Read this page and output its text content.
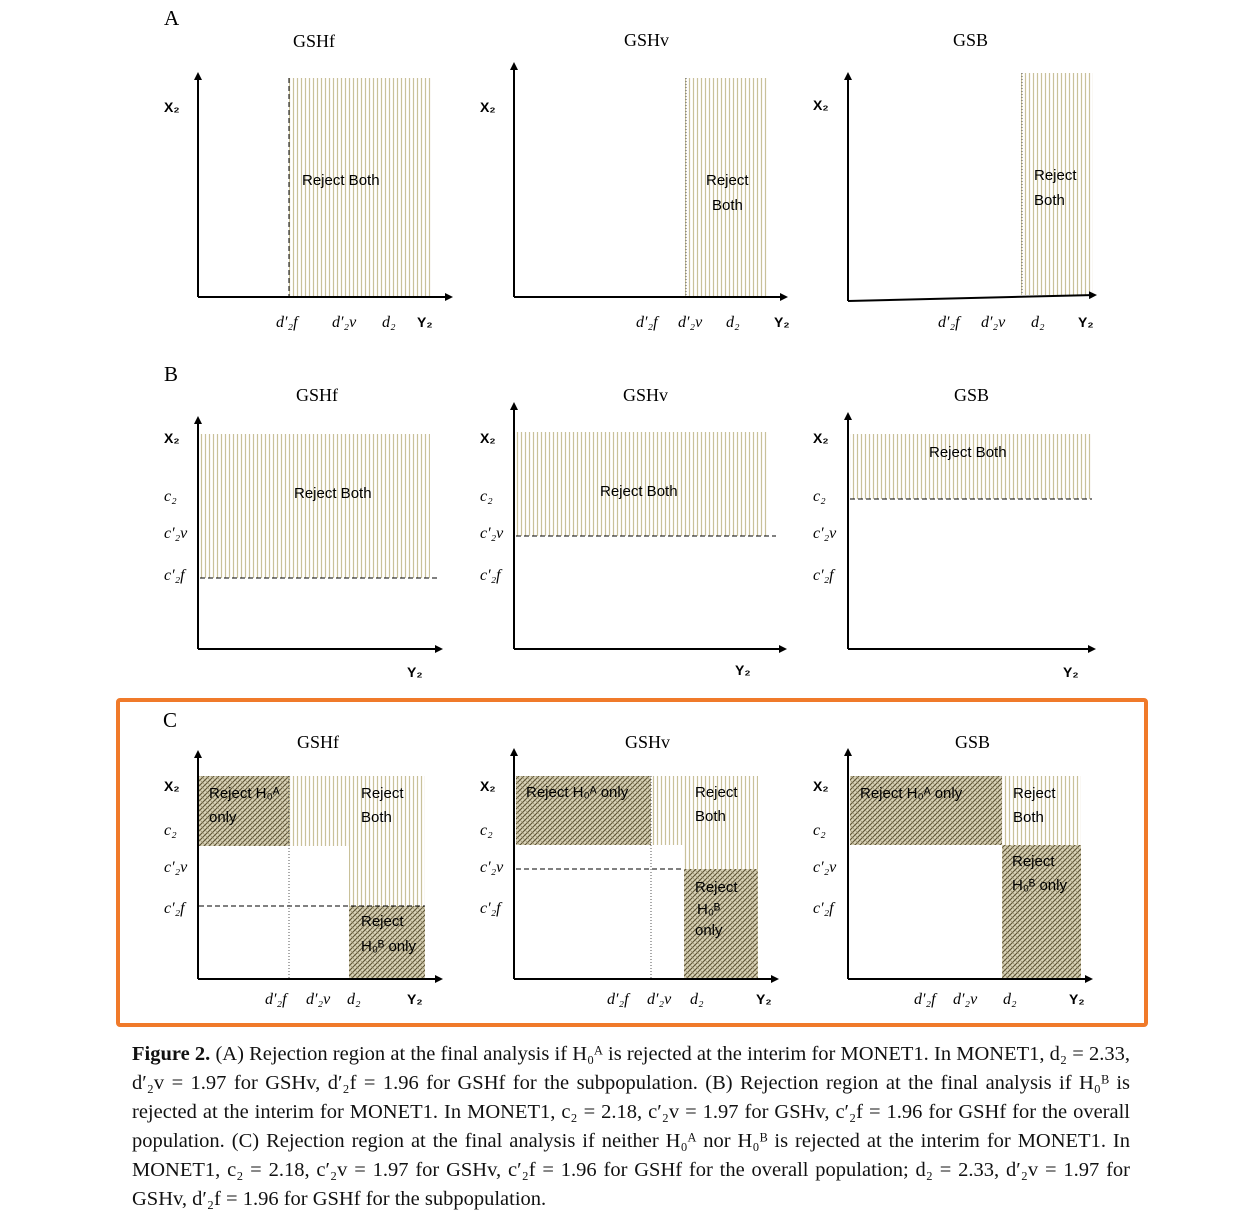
A
GSHf
X₂
Reject Both
d′₂f d′₂v d₂ Y₂
GSHv
X₂
Reject
Both
d′₂f d′₂v d₂ Y₂
GSB
X₂
Reject
Both
d′₂f d′₂v d₂ Y₂
B
GSHf
X₂
c₂
c′₂v
c′₂f
Reject Both
Y₂
GSHv
X₂
c₂
c′₂v
c′₂f
Reject Both
Y₂
GSB
X₂
c₂
c′₂v
c′₂f
Reject Both
Y₂
C
GSHf
X₂
c₂
c′₂v
c′₂f
Reject H₀ᴬ
only
Reject
Both
Reject
H₀ᴮ only
d′₂f d′₂v d₂	Y₂
GSHv
X₂
c₂
c′₂v
c′₂f
Reject H₀ᴬ only	Reject
Both
Reject
H₀ᴮ
only
d′₂f d′₂v d₂	Y₂
GSB
X₂
c₂
c′₂v
c′₂f
Reject H₀ᴬ only	Reject
Both
Reject
H₀ᴮ only
d′₂f d′₂v d₂	Y₂
Figure 2. (A) Rejection region at the final analysis if H₀ᴬ is rejected at the interim for MONET1. In MONET1, d₂ = 2.33, d′₂v = 1.97 for GSHv, d′₂f = 1.96 for GSHf for the subpopulation. (B) Rejection region at the final analysis if H₀ᴮ is rejected at the interim for MONET1. In MONET1, c₂ = 2.18, c′₂v = 1.97 for GSHv, c′₂f = 1.96 for GSHf for the overall population. (C) Rejection region at the final analysis if neither H₀ᴬ nor H₀ᴮ is rejected at the interim for MONET1. In MONET1, c₂ = 2.18, c′₂v = 1.97 for GSHv, c′₂f = 1.96 for GSHf for the overall population; d₂ = 2.33, d′₂v = 1.97 for GSHv, d′₂f = 1.96 for GSHf for the subpopulation.
